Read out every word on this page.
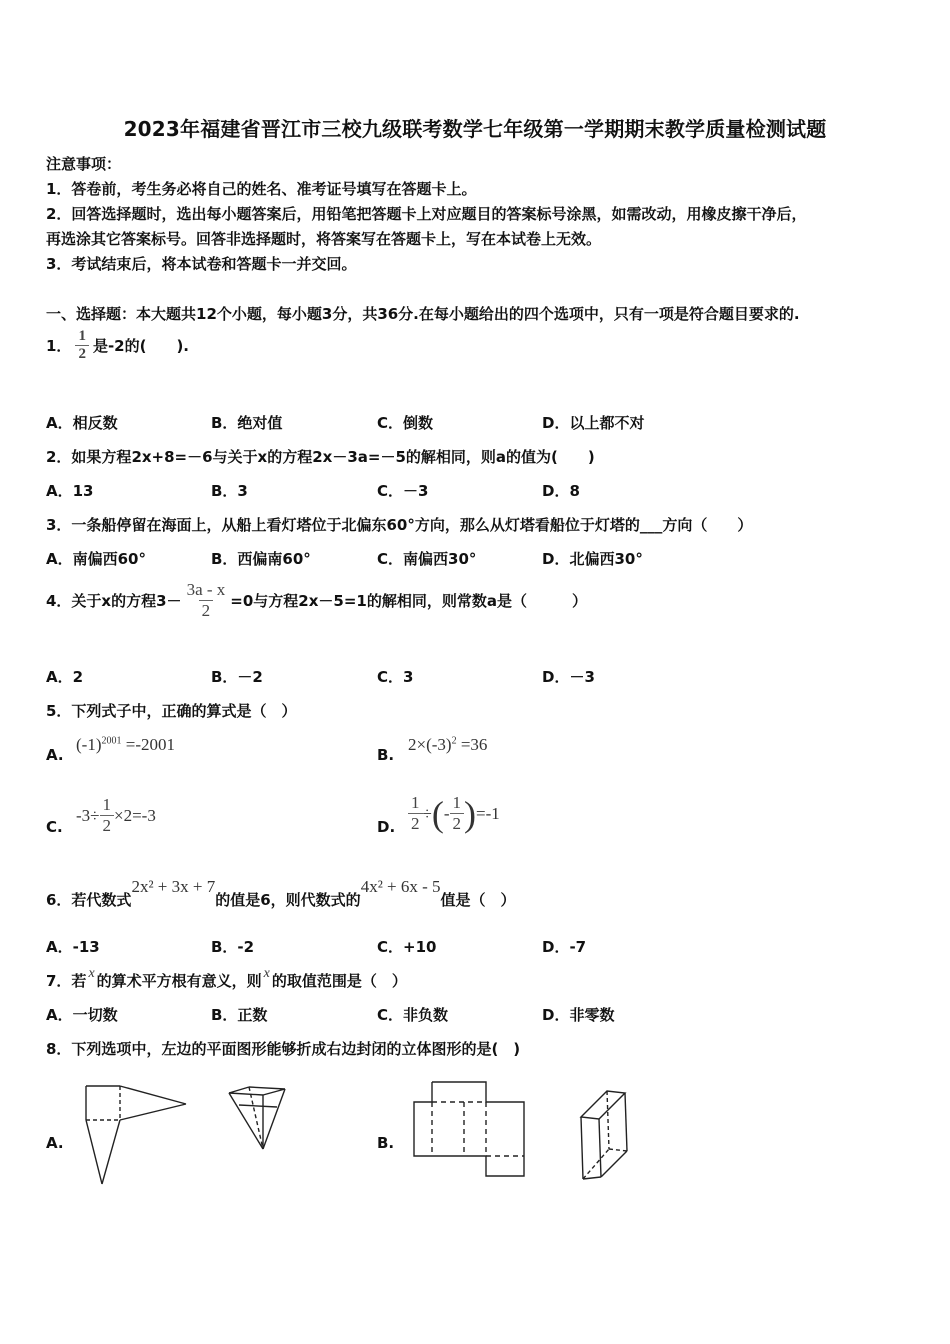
2023年福建省晋江市三校九级联考数学七年级第一学期期末教学质量检测试题
注意事项：
1．答卷前，考生务必将自己的姓名、准考证号填写在答题卡上。
2．回答选择题时，选出每小题答案后，用铅笔把答题卡上对应题目的答案标号涂黑，如需改动，用橡皮擦干净后，
再选涂其它答案标号。回答非选择题时，将答案写在答题卡上，写在本试卷上无效。
3．考试结束后，将本试卷和答题卡一并交回。
一、选择题：本大题共12个小题，每小题3分，共36分.在每小题给出的四个选项中，只有一项是符合题目要求的.
1． $\frac{1}{2}$ 是-2的(　　).
A．相反数	B．绝对值	C．倒数	D．以上都不对
2．如果方程2x+8=－6与关于x的方程2x－3a=－5的解相同，则a的值为(　　)
A．13	B．3	C．－3	D．8
3．一条船停留在海面上，从船上看灯塔位于北偏东60°方向，那么从灯塔看船位于灯塔的___方向（　　）
A．南偏西60°	B．西偏南60°	C．南偏西30°	D．北偏西30°
4．关于x的方程$3- \frac{3a - x}{2} =0$与方程2x－5=1的解相同，则常数a是（　　　）
A．2	B．－2	C．3	D．－3
5．下列式子中，正确的算式是（　）
A.
$(-1)^{2001} =-2001$
B.
$2\times(-3)^2 =36$
C.
$-3\div \frac{1}{2} \times 2=-3$
D. $\frac{1}{2}$ ÷ ( - $\frac{1}{2}$ ) =-1
6．若代数式
2x² + 3x + 7
的值是6，则代数式的
4x² + 6x - 5
值是（　）
A．-13	B．-2	C．+10	D．-7
7．若 x 的算术平方根有意义，则 x 的取值范围是（　）
A．一切数	B．正数	C．非负数	D．非零数
8．下列选项中，左边的平面图形能够折成右边封闭的立体图形的是(　)
A.	B.
